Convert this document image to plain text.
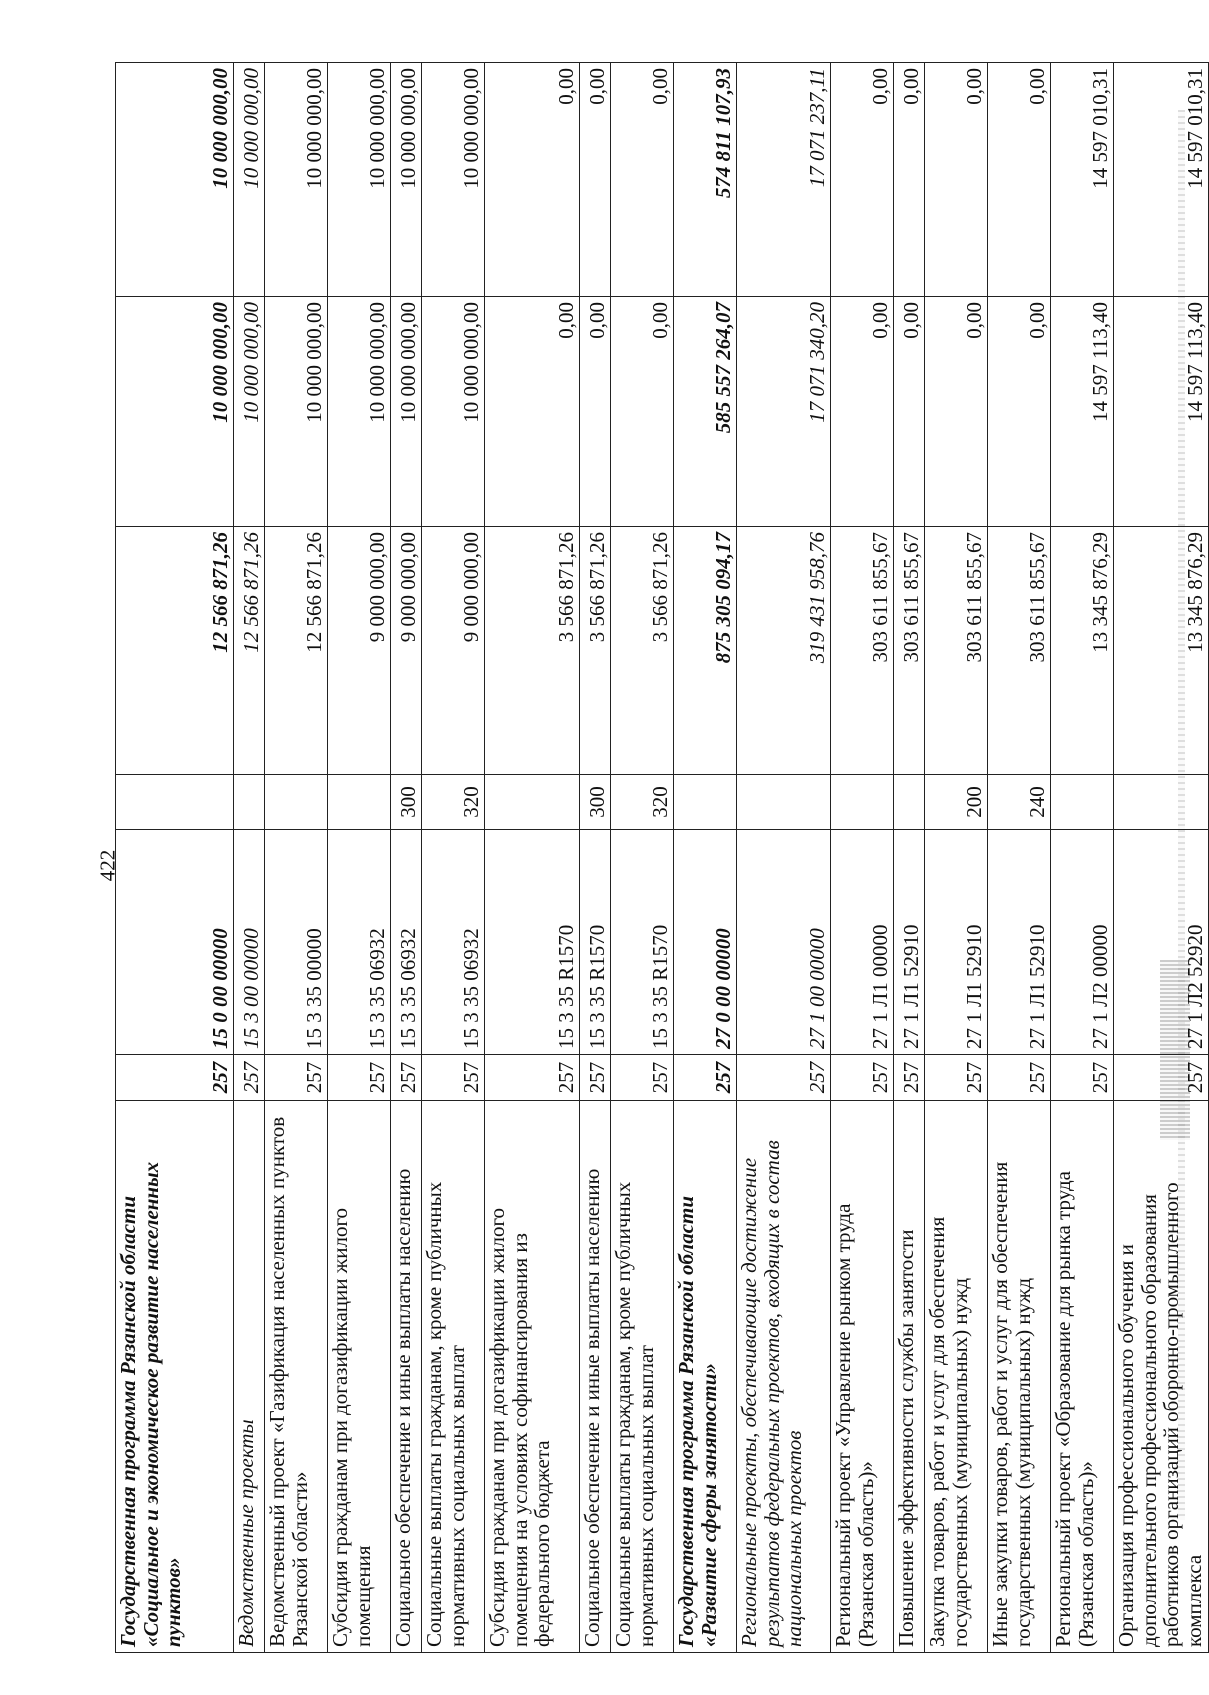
422
Государственная программа Рязанской области «Социальное и экономическое развитие населенных пунктов»	257	15 0 00 00000		12 566 871,26	10 000 000,00	10 000 000,00
Ведомственные проекты	257	15 3 00 00000		12 566 871,26	10 000 000,00	10 000 000,00
Ведомственный проект «Газификация населенных пунктов Рязанской области»	257	15 3 35 00000		12 566 871,26	10 000 000,00	10 000 000,00
Субсидия гражданам при догазификации жилого помещения	257	15 3 35 06932		9 000 000,00	10 000 000,00	10 000 000,00
Социальное обеспечение и иные выплаты населению	257	15 3 35 06932	300	9 000 000,00	10 000 000,00	10 000 000,00
Социальные выплаты гражданам, кроме публичных нормативных социальных выплат	257	15 3 35 06932	320	9 000 000,00	10 000 000,00	10 000 000,00
Субсидия гражданам при догазификации жилого помещения на условиях софинансирования из федерального бюджета	257	15 3 35 R1570		3 566 871,26	0,00	0,00
Социальное обеспечение и иные выплаты населению	257	15 3 35 R1570	300	3 566 871,26	0,00	0,00
Социальные выплаты гражданам, кроме публичных нормативных социальных выплат	257	15 3 35 R1570	320	3 566 871,26	0,00	0,00
Государственная программа Рязанской области «Развитие сферы занятости»	257	27 0 00 00000		875 305 094,17	585 557 264,07	574 811 107,93
Региональные проекты, обеспечивающие достижение результатов федеральных проектов, входящих в состав национальных проектов	257	27 1 00 00000		319 431 958,76	17 071 340,20	17 071 237,11
Региональный проект «Управление рынком труда (Рязанская область)»	257	27 1 Л1 00000		303 611 855,67	0,00	0,00
Повышение эффективности службы занятости	257	27 1 Л1 52910		303 611 855,67	0,00	0,00
Закупка товаров, работ и услуг для обеспечения государственных (муниципальных) нужд	257	27 1 Л1 52910	200	303 611 855,67	0,00	0,00
Иные закупки товаров, работ и услуг для обеспечения государственных (муниципальных) нужд	257	27 1 Л1 52910	240	303 611 855,67	0,00	0,00
Региональный проект «Образование для рынка труда (Рязанская область)»	257	27 1 Л2 00000		13 345 876,29	14 597 113,40	14 597 010,31
Организация профессионального обучения и дополнительного профессионального образования работников организаций оборонно-промышленного комплекса	257	27 1 Л2 52920		13 345 876,29	14 597 113,40	14 597 010,31
